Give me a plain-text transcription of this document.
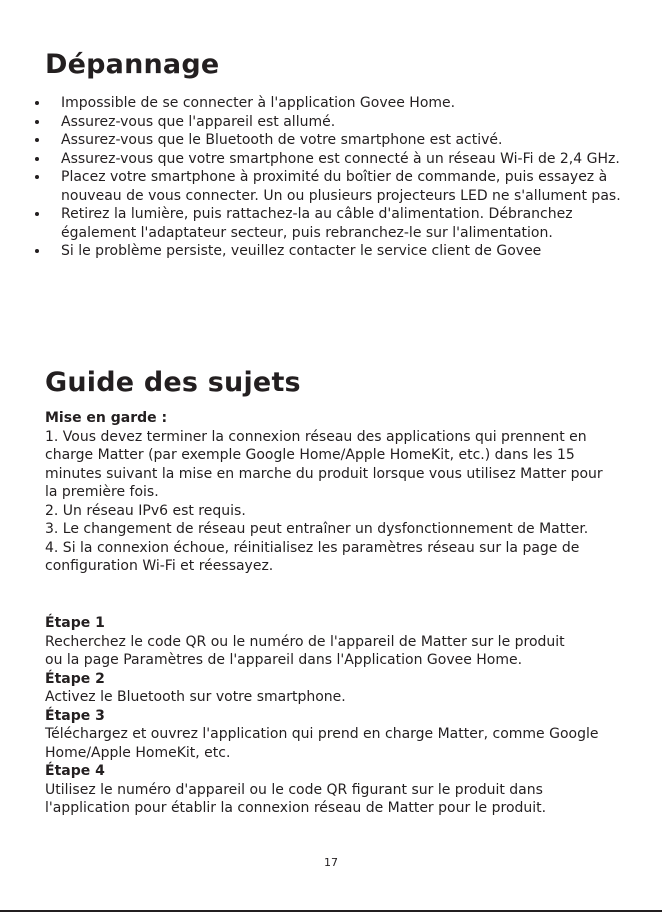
Dépannage
Impossible de se connecter à l'application Govee Home.
Assurez-vous que l'appareil est allumé.
Assurez-vous que le Bluetooth de votre smartphone est activé.
Assurez-vous que votre smartphone est connecté à un réseau Wi-Fi de 2,4 GHz.
Placez votre smartphone à proximité du boîtier de commande, puis essayez à nouveau de vous connecter. Un ou plusieurs projecteurs LED ne s'allument pas.
Retirez la lumière, puis rattachez-la au câble d'alimentation. Débranchez également l'adaptateur secteur, puis rebranchez-le sur l'alimentation.
Si le problème persiste, veuillez contacter le service client de Govee
Guide des sujets

Mise en garde :

1. Vous devez terminer la connexion réseau des applications qui prennent en charge Matter (par exemple Google Home/Apple HomeKit, etc.) dans les 15 minutes suivant la mise en marche du produit lorsque vous utilisez Matter pour la première fois.

2. Un réseau IPv6 est requis.

3. Le changement de réseau peut entraîner un dysfonctionnement de Matter.

4. Si la connexion échoue, réinitialisez les paramètres réseau sur la page de configuration Wi-Fi et réessayez.

Étape 1

Recherchez le code QR ou le numéro de l'appareil de Matter sur le produit ou la page Paramètres de l'appareil dans l'Application Govee Home.

Étape 2

Activez le Bluetooth sur votre smartphone.

Étape 3

Téléchargez et ouvrez l'application qui prend en charge Matter, comme Google Home/Apple HomeKit, etc.

Étape 4

Utilisez le numéro d'appareil ou le code QR figurant sur le produit dans l'application pour établir la connexion réseau de Matter pour le produit.

17
